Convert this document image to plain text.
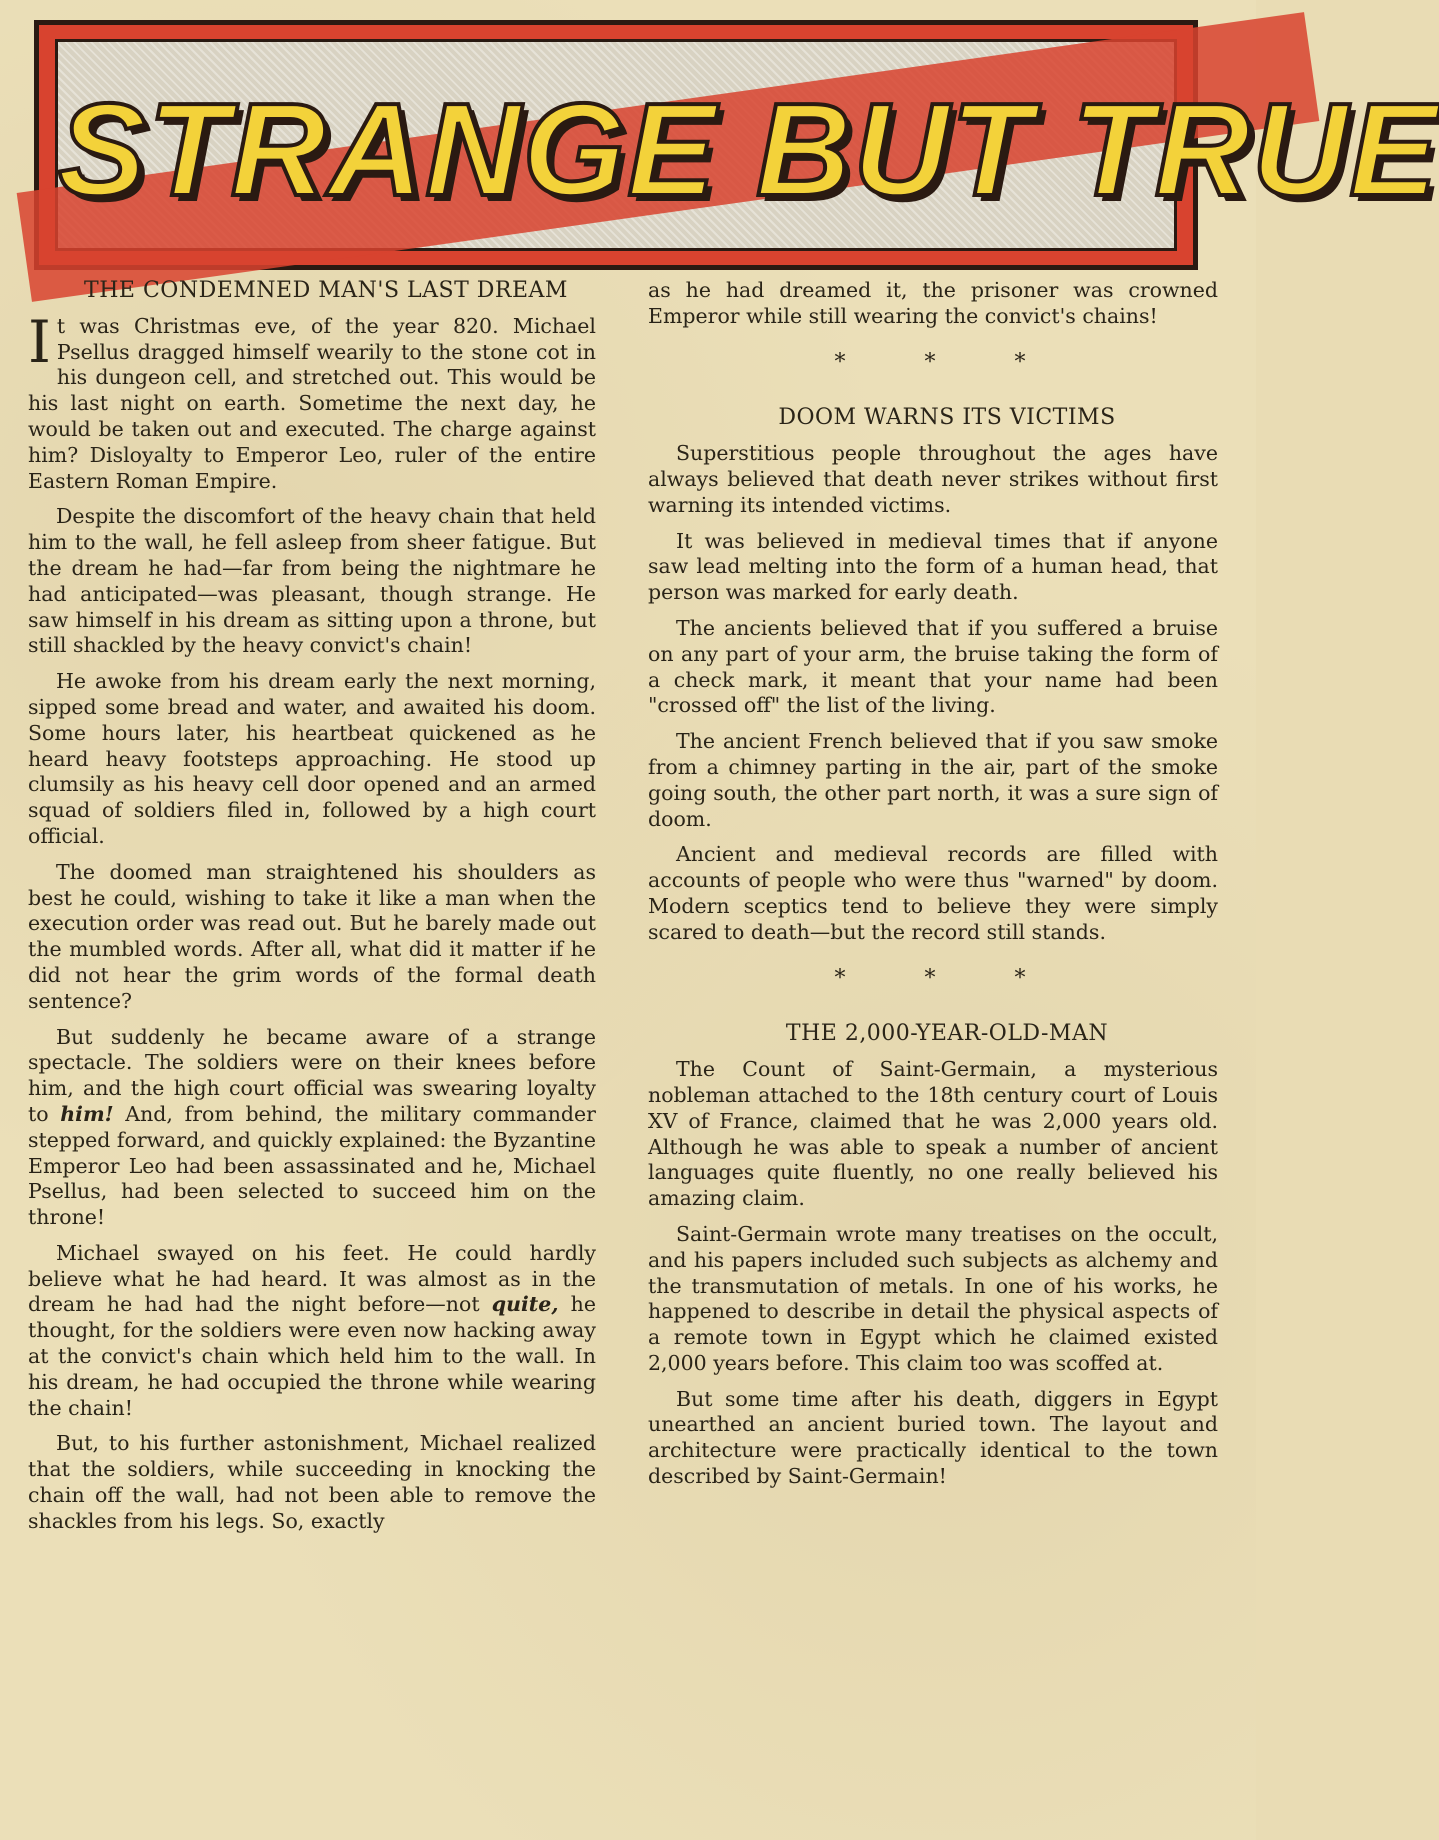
STRANGE BUT TRUE

THE CONDEMNED MAN'S LAST DREAM

It was Christmas eve, of the year 820. Michael Psellus dragged himself wearily to the stone cot in his dungeon cell, and stretched out. This would be his last night on earth. Sometime the next day, he would be taken out and executed. The charge against him? Disloyalty to Emperor Leo, ruler of the entire Eastern Roman Empire.

Despite the discomfort of the heavy chain that held him to the wall, he fell asleep from sheer fatigue. But the dream he had—far from being the nightmare he had anticipated—was pleasant, though strange. He saw himself in his dream as sitting upon a throne, but still shackled by the heavy convict's chain!

He awoke from his dream early the next morning, sipped some bread and water, and awaited his doom. Some hours later, his heartbeat quickened as he heard heavy footsteps approaching. He stood up clumsily as his heavy cell door opened and an armed squad of soldiers filed in, followed by a high court official.

The doomed man straightened his shoulders as best he could, wishing to take it like a man when the execution order was read out. But he barely made out the mumbled words. After all, what did it matter if he did not hear the grim words of the formal death sentence?

But suddenly he became aware of a strange spectacle. The soldiers were on their knees before him, and the high court official was swearing loyalty to him! And, from behind, the military commander stepped forward, and quickly explained: the Byzantine Emperor Leo had been assassinated and he, Michael Psellus, had been selected to succeed him on the throne!

Michael swayed on his feet. He could hardly believe what he had heard. It was almost as in the dream he had had the night before—not quite, he thought, for the soldiers were even now hacking away at the convict's chain which held him to the wall. In his dream, he had occupied the throne while wearing the chain!

But, to his further astonishment, Michael realized that the soldiers, while succeeding in knocking the chain off the wall, had not been able to remove the shackles from his legs. So, exactly

as he had dreamed it, the prisoner was crowned Emperor while still wearing the convict's chains!

* * *

DOOM WARNS ITS VICTIMS

Superstitious people throughout the ages have always believed that death never strikes without first warning its intended victims.

It was believed in medieval times that if anyone saw lead melting into the form of a human head, that person was marked for early death.

The ancients believed that if you suffered a bruise on any part of your arm, the bruise taking the form of a check mark, it meant that your name had been "crossed off" the list of the living.

The ancient French believed that if you saw smoke from a chimney parting in the air, part of the smoke going south, the other part north, it was a sure sign of doom.

Ancient and medieval records are filled with accounts of people who were thus "warned" by doom. Modern sceptics tend to believe they were simply scared to death—but the record still stands.

* * *

THE 2,000-YEAR-OLD-MAN

The Count of Saint-Germain, a mysterious nobleman attached to the 18th century court of Louis XV of France, claimed that he was 2,000 years old. Although he was able to speak a number of ancient languages quite fluently, no one really believed his amazing claim.

Saint-Germain wrote many treatises on the occult, and his papers included such subjects as alchemy and the transmutation of metals. In one of his works, he happened to describe in detail the physical aspects of a remote town in Egypt which he claimed existed 2,000 years before. This claim too was scoffed at.

But some time after his death, diggers in Egypt unearthed an ancient buried town. The layout and architecture were practically identical to the town described by Saint-Germain!
